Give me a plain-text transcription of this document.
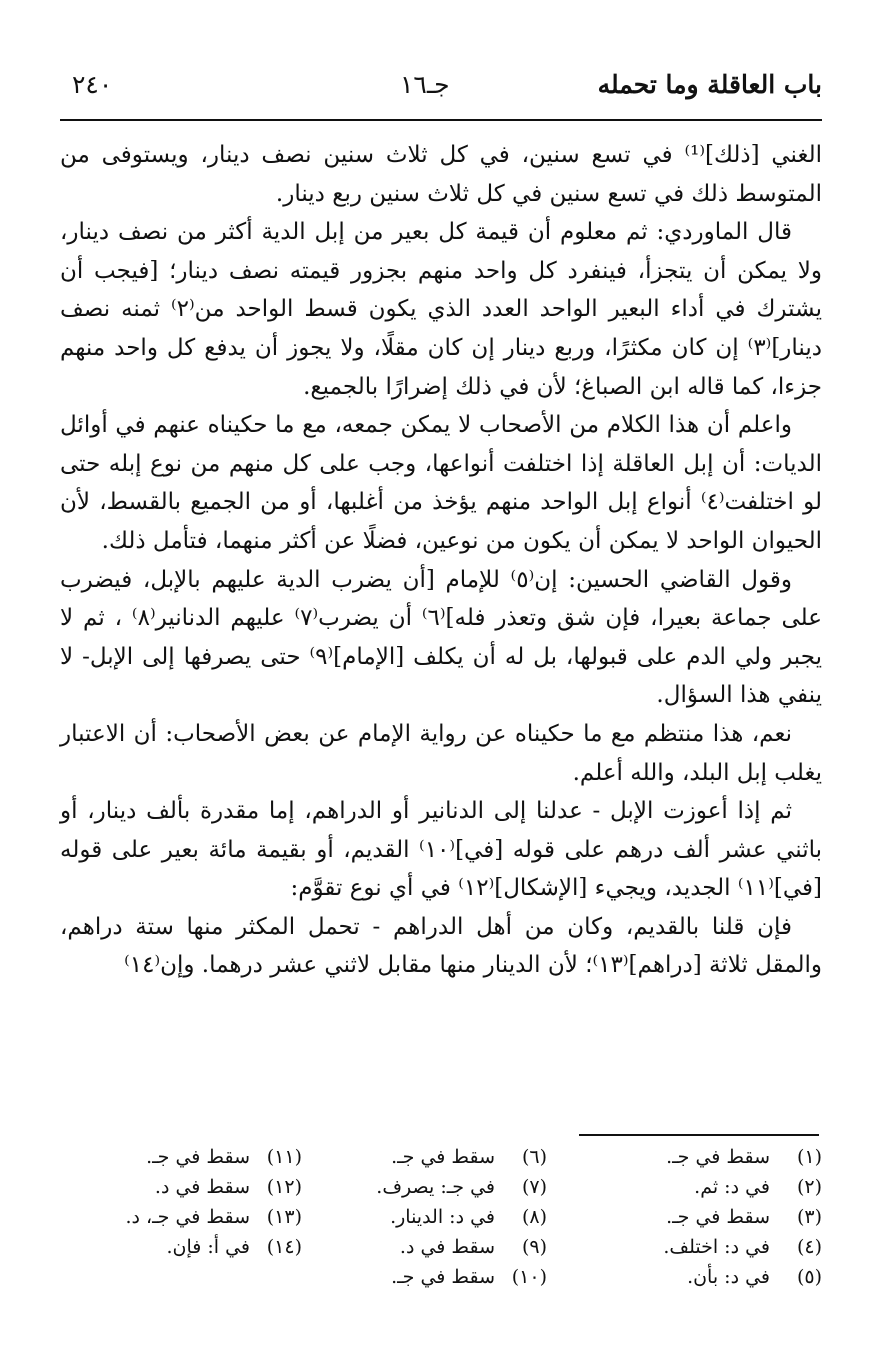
باب العاقلة وما تحمله
جـ١٦
٢٤٠

الغني [ذلك]⁽¹⁾ في تسع سنين، في كل ثلاث سنين نصف دينار، ويستوفى من المتوسط ذلك في تسع سنين في كل ثلاث سنين ربع دينار.

قال الماوردي: ثم معلوم أن قيمة كل بعير من إبل الدية أكثر من نصف دينار، ولا يمكن أن يتجزأ، فينفرد كل واحد منهم بجزور قيمته نصف دينار؛ [فيجب أن يشترك في أداء البعير الواحد العدد الذي يكون قسط الواحد من⁽٢⁾ ثمنه نصف دينار]⁽٣⁾ إن كان مكثرًا، وربع دينار إن كان مقلًا، ولا يجوز أن يدفع كل واحد منهم جزءا، كما قاله ابن الصباغ؛ لأن في ذلك إضرارًا بالجميع.

واعلم أن هذا الكلام من الأصحاب لا يمكن جمعه، مع ما حكيناه عنهم في أوائل الديات: أن إبل العاقلة إذا اختلفت أنواعها، وجب على كل منهم من نوع إبله حتى لو اختلفت⁽٤⁾ أنواع إبل الواحد منهم يؤخذ من أغلبها، أو من الجميع بالقسط، لأن الحيوان الواحد لا يمكن أن يكون من نوعين، فضلًا عن أكثر منهما، فتأمل ذلك.

وقول القاضي الحسين: إن⁽٥⁾ للإمام [أن يضرب الدية عليهم بالإبل، فيضرب على جماعة بعيرا، فإن شق وتعذر فله]⁽٦⁾ أن يضرب⁽٧⁾ عليهم الدنانير⁽٨⁾ ، ثم لا يجبر ولي الدم على قبولها، بل له أن يكلف [الإمام]⁽٩⁾ حتى يصرفها إلى الإبل- لا ينفي هذا السؤال.

نعم، هذا منتظم مع ما حكيناه عن رواية الإمام عن بعض الأصحاب: أن الاعتبار يغلب إبل البلد، والله أعلم.

ثم إذا أعوزت الإبل - عدلنا إلى الدنانير أو الدراهم، إما مقدرة بألف دينار، أو باثني عشر ألف درهم على قوله [في]⁽١٠⁾ القديم، أو بقيمة مائة بعير على قوله [في]⁽١١⁾ الجديد، ويجيء [الإشكال]⁽١٢⁾ في أي نوع تقوَّم:

فإن قلنا بالقديم، وكان من أهل الدراهم - تحمل المكثر منها ستة دراهم، والمقل ثلاثة [دراهم]⁽١٣⁾؛ لأن الدينار منها مقابل لاثني عشر درهما. وإن⁽١٤⁾

(١)سقط في جـ.
(٢)في د: ثم.
(٣)سقط في جـ.
(٤)في د: اختلف.
(٥)في د: بأن.
(٦)سقط في جـ.
(٧)في جـ: يصرف.
(٨)في د: الدينار.
(٩)سقط في د.
(١٠)سقط في جـ.
(١١)سقط في جـ.
(١٢)سقط في د.
(١٣)سقط في جـ، د.
(١٤)في أ: فإن.
